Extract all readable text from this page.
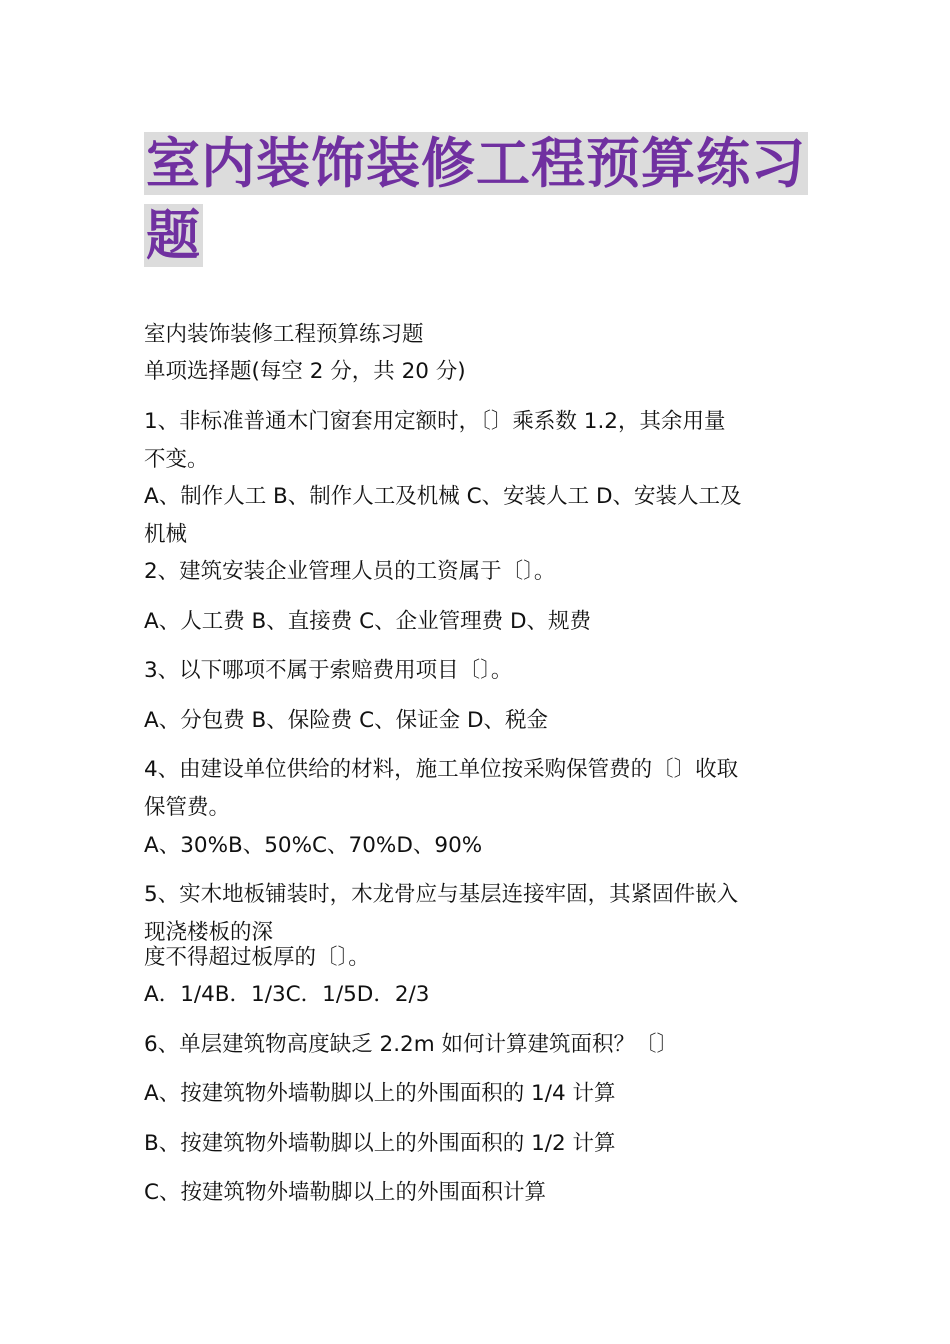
室内装饰装修工程预算练习题

室内装饰装修工程预算练习题

单项选择题(每空 2 分，共 20 分)

1、非标准普通木门窗套用定额时，〔〕乘系数 1.2，其余用量

不变。

A、制作人工 B、制作人工及机械 C、安装人工 D、安装人工及

机械

2、建筑安装企业管理人员的工资属于〔〕。

A、人工费 B、直接费 C、企业管理费 D、规费

3、以下哪项不属于索赔费用项目〔〕。

A、分包费 B、保险费 C、保证金 D、税金

4、由建设单位供给的材料，施工单位按采购保管费的〔〕收取

保管费。

A、30%B、50%C、70%D、90%

5、实木地板铺装时，木龙骨应与基层连接牢固，其紧固件嵌入

现浇楼板的深

度不得超过板厚的〔〕。

A．1/4B．1/3C．1/5D．2/3

6、单层建筑物高度缺乏 2.2m 如何计算建筑面积？〔〕

A、按建筑物外墙勒脚以上的外围面积的 1/4 计算

B、按建筑物外墙勒脚以上的外围面积的 1/2 计算

C、按建筑物外墙勒脚以上的外围面积计算
